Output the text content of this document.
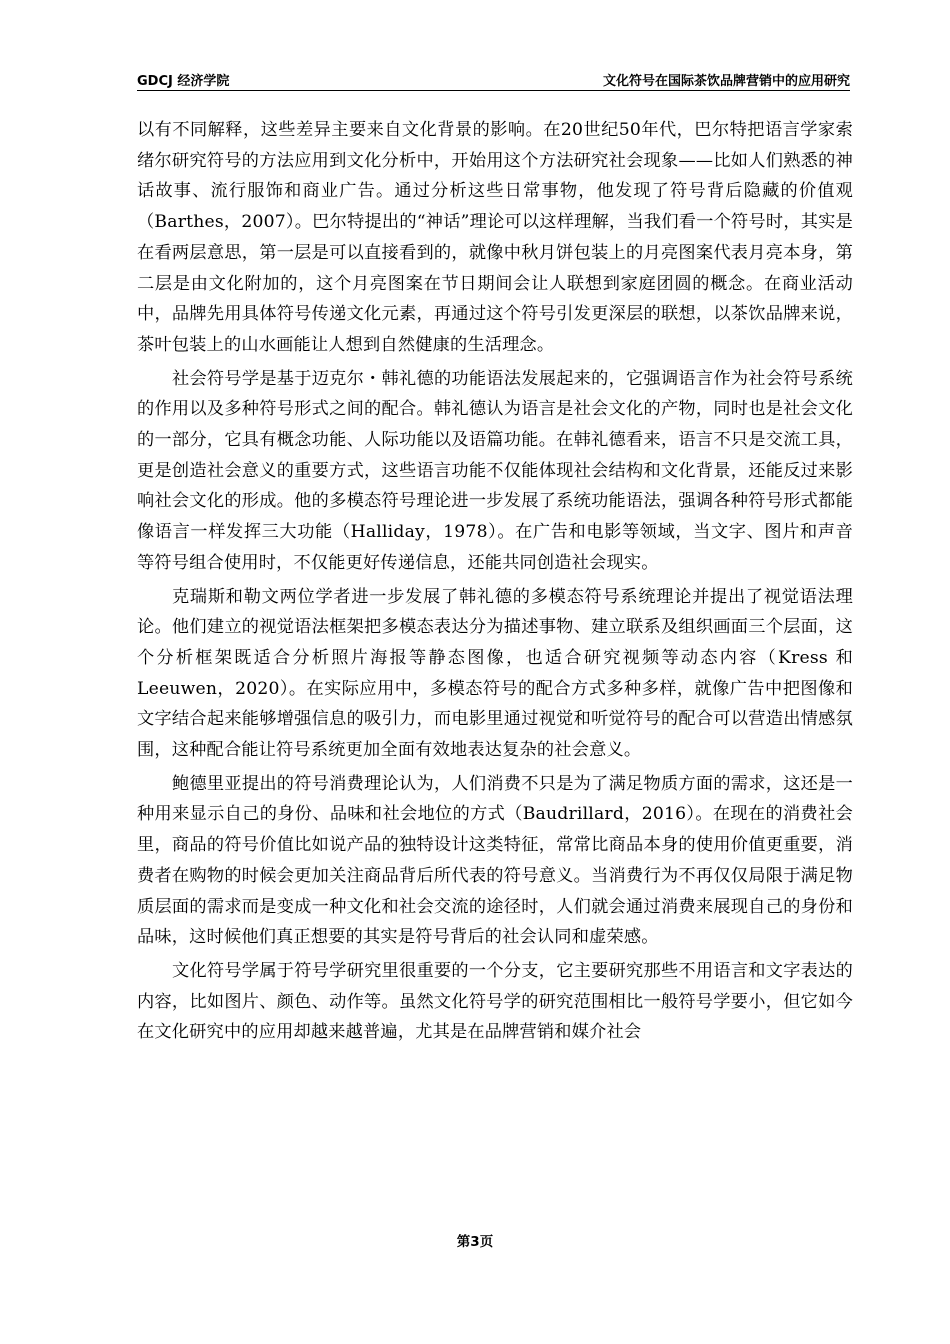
GDCJ 经济学院	文化符号在国际茶饮品牌营销中的应用研究

以有不同解释，这些差异主要来自文化背景的影响。在20世纪50年代，巴尔特把语言学家索绪尔研究符号的方法应用到文化分析中，开始用这个方法研究社会现象——比如人们熟悉的神话故事、流行服饰和商业广告。通过分析这些日常事物，他发现了符号背后隐藏的价值观（Barthes，2007）。巴尔特提出的“神话”理论可以这样理解，当我们看一个符号时，其实是在看两层意思，第一层是可以直接看到的，就像中秋月饼包装上的月亮图案代表月亮本身，第二层是由文化附加的，这个月亮图案在节日期间会让人联想到家庭团圆的概念。在商业活动中，品牌先用具体符号传递文化元素，再通过这个符号引发更深层的联想，以茶饮品牌来说，茶叶包装上的山水画能让人想到自然健康的生活理念。

社会符号学是基于迈克尔・韩礼德的功能语法发展起来的，它强调语言作为社会符号系统的作用以及多种符号形式之间的配合。韩礼德认为语言是社会文化的产物，同时也是社会文化的一部分，它具有概念功能、人际功能以及语篇功能。在韩礼德看来，语言不只是交流工具，更是创造社会意义的重要方式，这些语言功能不仅能体现社会结构和文化背景，还能反过来影响社会文化的形成。他的多模态符号理论进一步发展了系统功能语法，强调各种符号形式都能像语言一样发挥三大功能（Halliday，1978）。在广告和电影等领域，当文字、图片和声音等符号组合使用时，不仅能更好传递信息，还能共同创造社会现实。

克瑞斯和勒文两位学者进一步发展了韩礼德的多模态符号系统理论并提出了视觉语法理论。他们建立的视觉语法框架把多模态表达分为描述事物、建立联系及组织画面三个层面，这个分析框架既适合分析照片海报等静态图像，也适合研究视频等动态内容（Kress 和 Leeuwen，2020）。在实际应用中，多模态符号的配合方式多种多样，就像广告中把图像和文字结合起来能够增强信息的吸引力，而电影里通过视觉和听觉符号的配合可以营造出情感氛围，这种配合能让符号系统更加全面有效地表达复杂的社会意义。

鲍德里亚提出的符号消费理论认为，人们消费不只是为了满足物质方面的需求，这还是一种用来显示自己的身份、品味和社会地位的方式（Baudrillard，2016）。在现在的消费社会里，商品的符号价值比如说产品的独特设计这类特征，常常比商品本身的使用价值更重要，消费者在购物的时候会更加关注商品背后所代表的符号意义。当消费行为不再仅仅局限于满足物质层面的需求而是变成一种文化和社会交流的途径时，人们就会通过消费来展现自己的身份和品味，这时候他们真正想要的其实是符号背后的社会认同和虚荣感。

文化符号学属于符号学研究里很重要的一个分支，它主要研究那些不用语言和文字表达的内容，比如图片、颜色、动作等。虽然文化符号学的研究范围相比一般符号学要小，但它如今在文化研究中的应用却越来越普遍，尤其是在品牌营销和媒介社会

第3页
